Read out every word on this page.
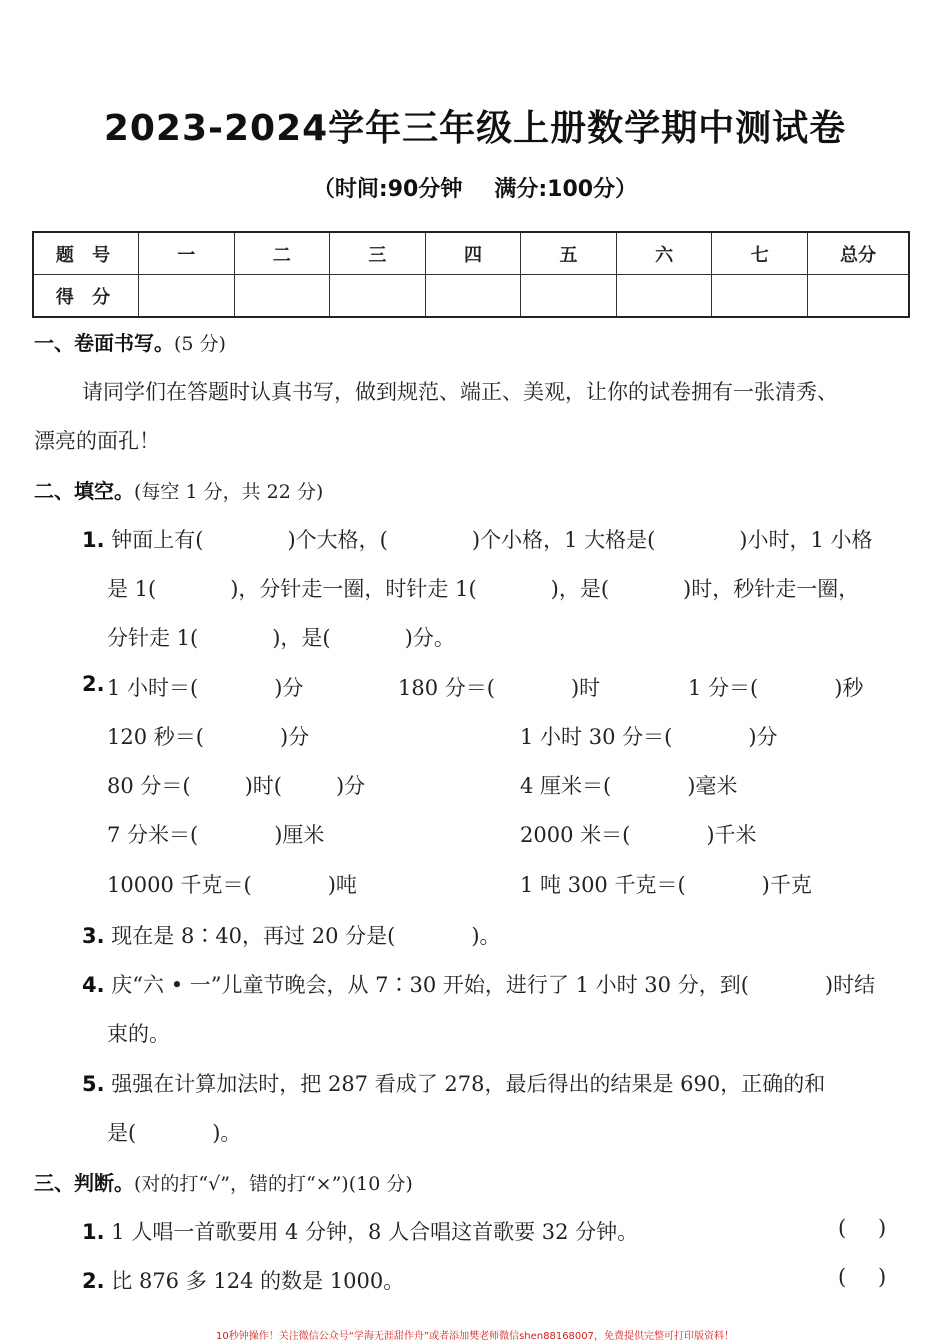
2023-2024学年三年级上册数学期中测试卷
（时间:90分钟 满分:100分）
题 号	一	二	三	四	五	六	七	总分
得 分								
一、卷面书写。(5 分)
请同学们在答题时认真书写，做到规范、端正、美观，让你的试卷拥有一张清秀、
漂亮的面孔！
二、填空。(每空 1 分，共 22 分)
1. 钟面上有(	)个大格，(	)个小格，1 大格是(	)小时，1 小格
是 1(	)，分针走一圈，时针走 1(	)，是(	)时，秒针走一圈，
分针走 1(	)，是(	)分。
2. 1 小时＝(	)分	180 分＝(	)时	1 分＝(	)秒
120 秒＝(	)分	1 小时 30 分＝(	)分
80 分＝(	)时(	)分	4 厘米＝(	)毫米
7 分米＝(	)厘米	2000 米＝(	)千米
10000 千克＝(	)吨	1 吨 300 千克＝(	)千克
3. 现在是 8∶40，再过 20 分是(	)。
4. 庆“六 • 一”儿童节晚会，从 7∶30 开始，进行了 1 小时 30 分，到(	)时结
束的。
5. 强强在计算加法时，把 287 看成了 278，最后得出的结果是 690，正确的和
是(	)。
三、判断。(对的打“√”，错的打“×”)(10 分)
1. 1 人唱一首歌要用 4 分钟，8 人合唱这首歌要 32 分钟。	( )
2. 比 876 多 124 的数是 1000。	( )
10秒钟操作！关注微信公众号“学海无涯甜作舟”或者添加樊老师微信shen88168007，免费提供完整可打印版资料！
